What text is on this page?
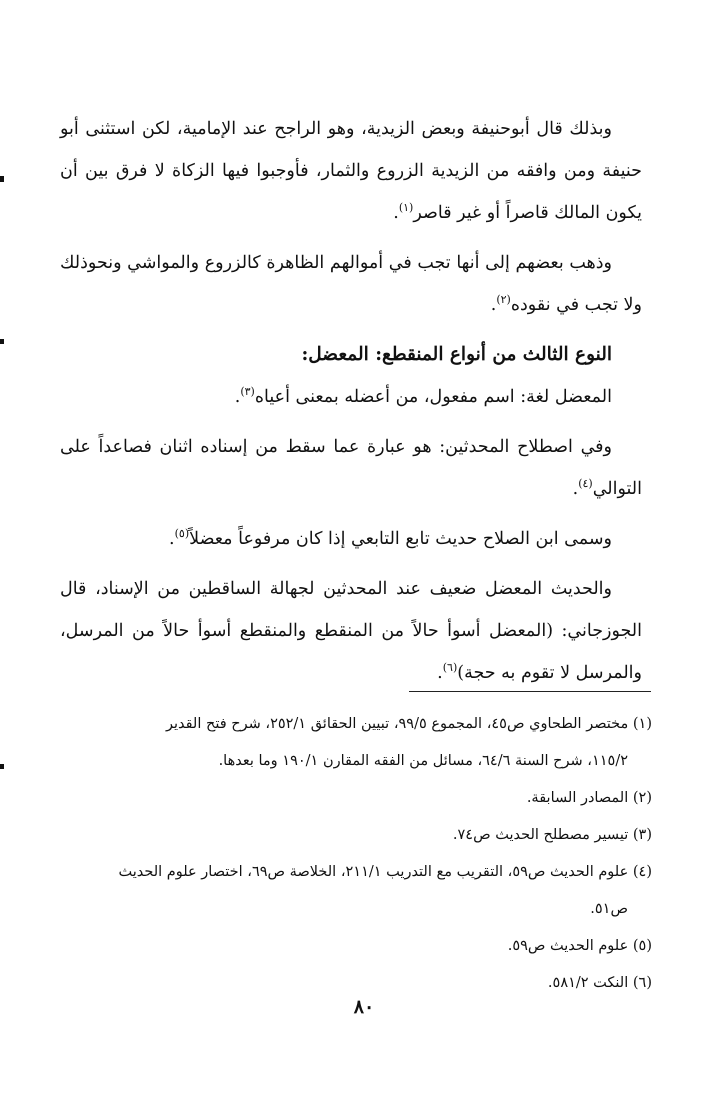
وبذلك قال أبوحنيفة وبعض الزيدية، وهو الراجح عند الإمامية، لكن استثنى أبو حنيفة ومن وافقه من الزيدية الزروع والثمار، فأوجبوا فيها الزكاة لا فرق بين أن يكون المالك قاصراً أو غير قاصر$^{(١)}$.

وذهب بعضهم إلى أنها تجب في أموالهم الظاهرة كالزروع والمواشي ونحوذلك ولا تجب في نقوده$^{(٢)}$.

النوع الثالث من أنواع المنقطع: المعضل:

المعضل لغة: اسم مفعول، من أعضله بمعنى أعياه$^{(٣)}$.

وفي اصطلاح المحدثين: هو عبارة عما سقط من إسناده اثنان فصاعداً على التوالي$^{(٤)}$.

وسمى ابن الصلاح حديث تابع التابعي إذا كان مرفوعاً معضلاً$^{(٥)}$.

والحديث المعضل ضعيف عند المحدثين لجهالة الساقطين من الإسناد، قال الجوزجاني: (المعضل أسوأ حالاً من المنقطع والمنقطع أسوأ حالاً من المرسل، والمرسل لا تقوم به حجة)$^{(٦)}$.

(١) مختصر الطحاوي ص٤٥، المجموع ٩٩/٥، تبيين الحقائق ٢٥٢/١، شرح فتح القدير

١١٥/٢، شرح السنة ٦٤/٦، مسائل من الفقه المقارن ١٩٠/١ وما بعدها.

(٢) المصادر السابقة.

(٣) تيسير مصطلح الحديث ص٧٤.

(٤) علوم الحديث ص٥٩، التقريب مع التدريب ٢١١/١، الخلاصة ص٦٩، اختصار علوم الحديث

ص٥١.

(٥) علوم الحديث ص٥٩.

(٦) النكت ٥٨١/٢.

٨٠
